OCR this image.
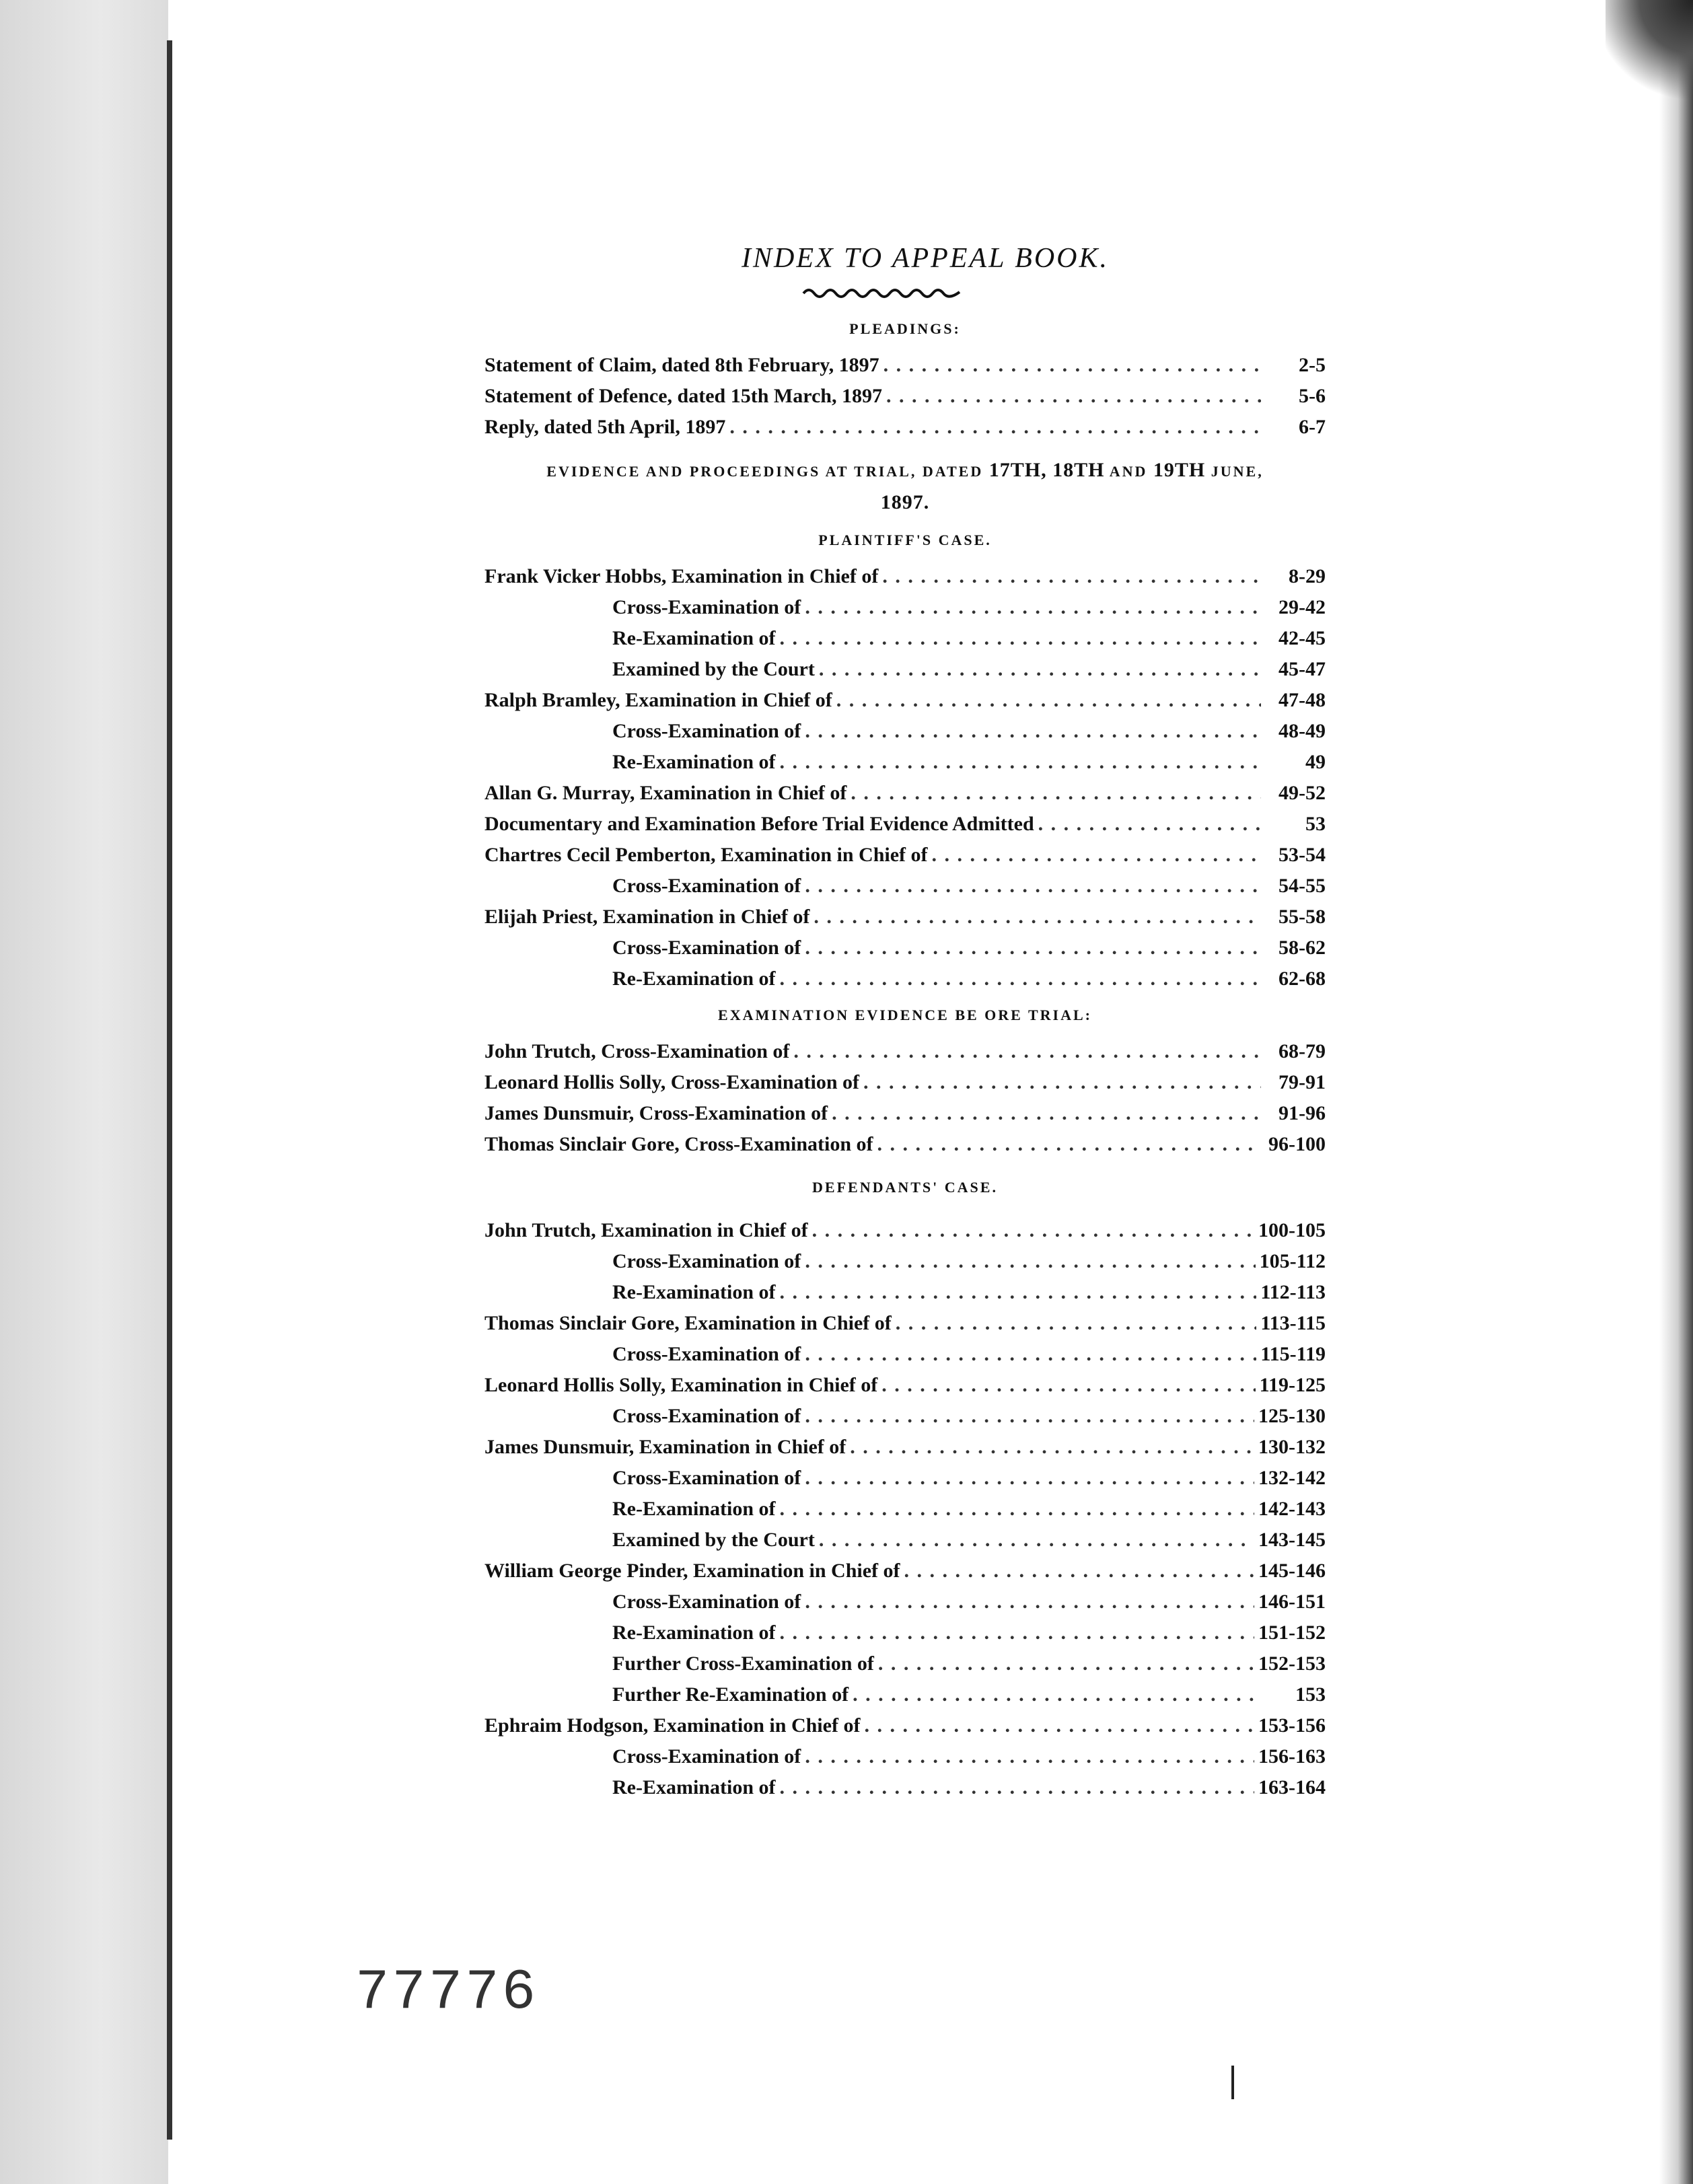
INDEX TO APPEAL BOOK.
PLEADINGS:
Statement of Claim, dated 8th February, 1897 . . .	2-5
Statement of Defence, dated 15th March, 1897 . . .	5-6
Reply, dated 5th April, 1897 . . .	6-7
EVIDENCE AND PROCEEDINGS AT TRIAL, DATED 17TH, 18TH AND 19TH JUNE,
1897.
PLAINTIFF'S CASE.
Frank Vicker Hobbs, Examination in Chief of . . .	8-29
Cross-Examination of . . .	29-42
Re-Examination of . . .	42-45
Examined by the Court . . .	45-47
Ralph Bramley, Examination in Chief of . . .	47-48
Cross-Examination of . . .	48-49
Re-Examination of . . .	49
Allan G. Murray, Examination in Chief of . . .	49-52
Documentary and Examination Before Trial Evidence Admitted . . .	53
Chartres Cecil Pemberton, Examination in Chief of . . .	53-54
Cross-Examination of . . .	54-55
Elijah Priest, Examination in Chief of . . .	55-58
Cross-Examination of . . .	58-62
Re-Examination of . . .	62-68
EXAMINATION EVIDENCE BE ORE TRIAL:
John Trutch, Cross-Examination of . . .	68-79
Leonard Hollis Solly, Cross-Examination of . . .	79-91
James Dunsmuir, Cross-Examination of . . .	91-96
Thomas Sinclair Gore, Cross-Examination of . . .	96-100
DEFENDANTS' CASE.
John Trutch, Examination in Chief of . . .	100-105
Cross-Examination of . . .	105-112
Re-Examination of . . .	112-113
Thomas Sinclair Gore, Examination in Chief of . . .	113-115
Cross-Examination of . . .	115-119
Leonard Hollis Solly, Examination in Chief of . . .	119-125
Cross-Examination of . . .	125-130
James Dunsmuir, Examination in Chief of . . .	130-132
Cross-Examination of . . .	132-142
Re-Examination of . . .	142-143
Examined by the Court . . .	143-145
William George Pinder, Examination in Chief of . . .	145-146
Cross-Examination of . . .	146-151
Re-Examination of . . .	151-152
Further Cross-Examination of . . .	152-153
Further Re-Examination of . . .	153
Ephraim Hodgson, Examination in Chief of . . .	153-156
Cross-Examination of . . .	156-163
Re-Examination of . . .	163-164
77776
